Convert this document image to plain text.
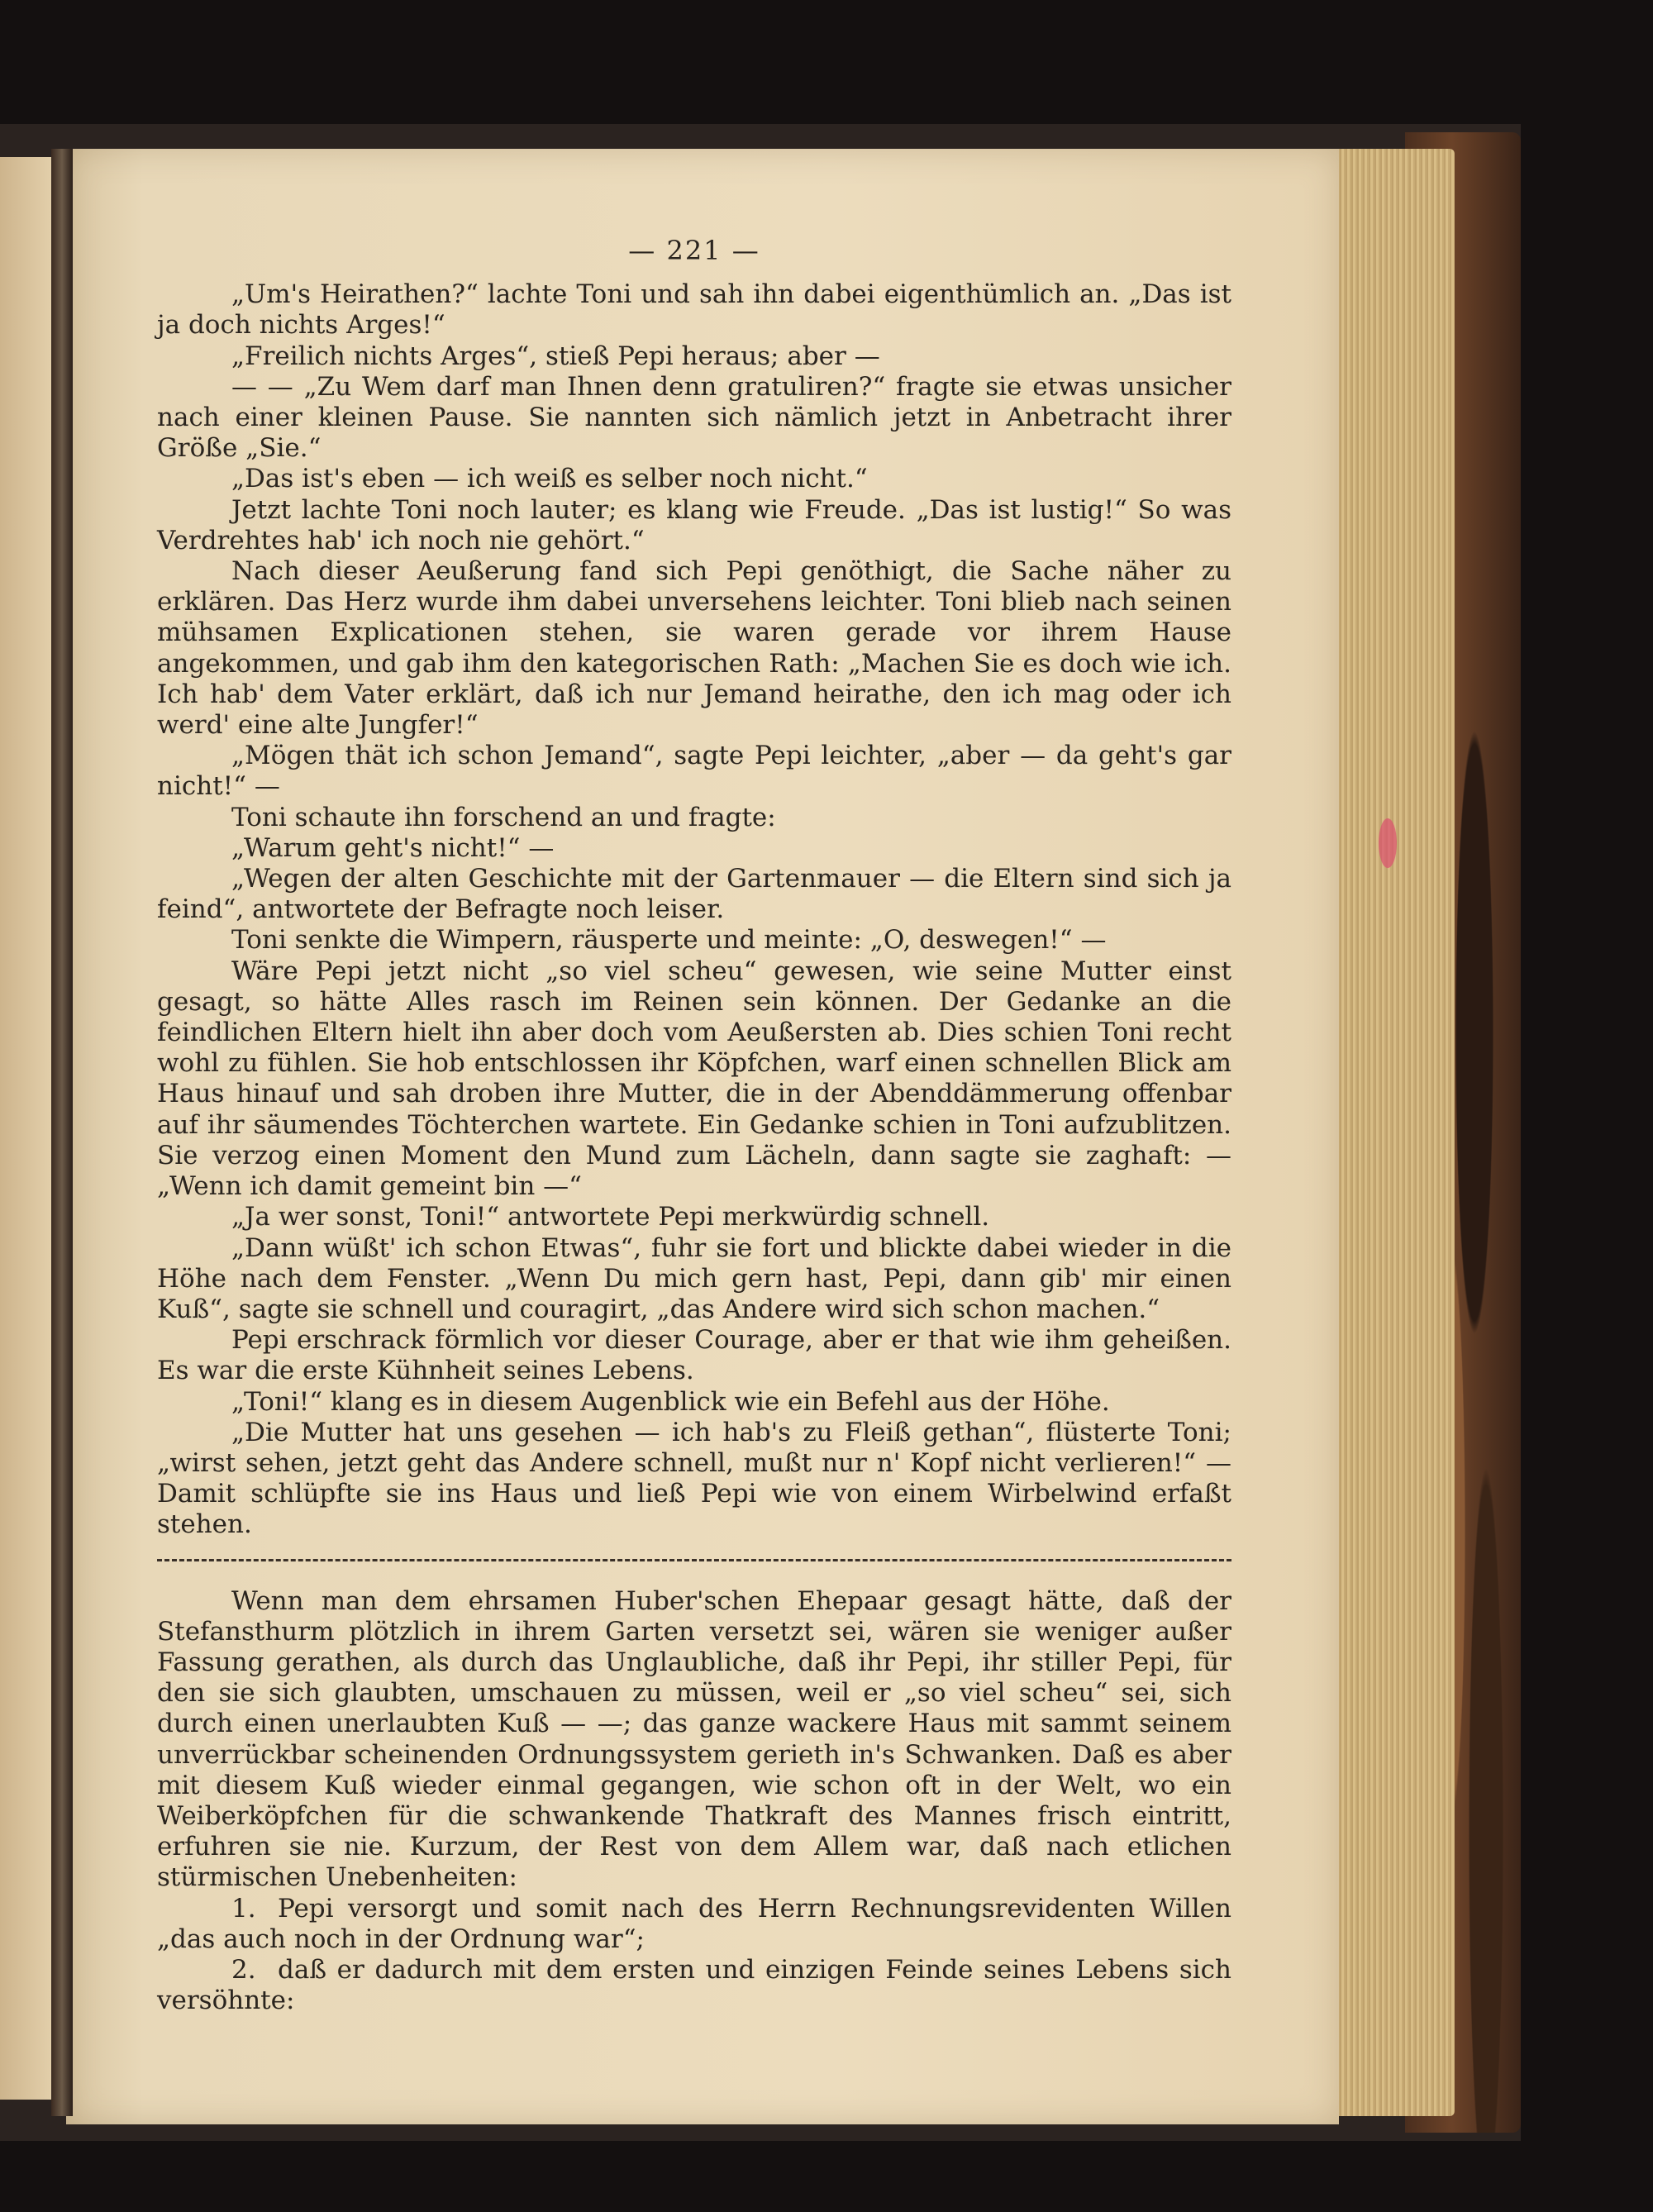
— 221 —

„Um's Heirathen?“ lachte Toni und sah ihn dabei eigenthümlich an. „Das ist ja doch nichts Arges!“

„Freilich nichts Arges“, stieß Pepi heraus; aber —

— — „Zu Wem darf man Ihnen denn gratuliren?“ fragte sie etwas unsicher nach einer kleinen Pause. Sie nannten sich nämlich jetzt in Anbetracht ihrer Größe „Sie.“

„Das ist's eben — ich weiß es selber noch nicht.“

Jetzt lachte Toni noch lauter; es klang wie Freude. „Das ist lustig!“ So was Verdrehtes hab' ich noch nie gehört.“

Nach dieser Aeußerung fand sich Pepi genöthigt, die Sache näher zu erklären. Das Herz wurde ihm dabei unversehens leichter. Toni blieb nach seinen mühsamen Explicationen stehen, sie waren gerade vor ihrem Hause angekommen, und gab ihm den kategorischen Rath: „Machen Sie es doch wie ich. Ich hab' dem Vater erklärt, daß ich nur Jemand heirathe, den ich mag oder ich werd' eine alte Jungfer!“

„Mögen thät ich schon Jemand“, sagte Pepi leichter, „aber — da geht's gar nicht!“ —

Toni schaute ihn forschend an und fragte:

„Warum geht's nicht!“ —

„Wegen der alten Geschichte mit der Gartenmauer — die Eltern sind sich ja feind“, antwortete der Befragte noch leiser.

Toni senkte die Wimpern, räusperte und meinte: „O, deswegen!“ —

Wäre Pepi jetzt nicht „so viel scheu“ gewesen, wie seine Mutter einst gesagt, so hätte Alles rasch im Reinen sein können. Der Gedanke an die feindlichen Eltern hielt ihn aber doch vom Aeußersten ab. Dies schien Toni recht wohl zu fühlen. Sie hob entschlossen ihr Köpfchen, warf einen schnellen Blick am Haus hinauf und sah droben ihre Mutter, die in der Abenddämmerung offenbar auf ihr säumendes Töchterchen wartete. Ein Gedanke schien in Toni aufzublitzen. Sie verzog einen Moment den Mund zum Lächeln, dann sagte sie zaghaft: — „Wenn ich damit gemeint bin —“

„Ja wer sonst, Toni!“ antwortete Pepi merkwürdig schnell.

„Dann wüßt' ich schon Etwas“, fuhr sie fort und blickte dabei wieder in die Höhe nach dem Fenster. „Wenn Du mich gern hast, Pepi, dann gib' mir einen Kuß“, sagte sie schnell und couragirt, „das Andere wird sich schon machen.“

Pepi erschrack förmlich vor dieser Courage, aber er that wie ihm geheißen. Es war die erste Kühnheit seines Lebens.

„Toni!“ klang es in diesem Augenblick wie ein Befehl aus der Höhe.

„Die Mutter hat uns gesehen — ich hab's zu Fleiß gethan“, flüsterte Toni; „wirst sehen, jetzt geht das Andere schnell, mußt nur n' Kopf nicht verlieren!“ — Damit schlüpfte sie ins Haus und ließ Pepi wie von einem Wirbelwind erfaßt stehen.

Wenn man dem ehrsamen Huber'schen Ehepaar gesagt hätte, daß der Stefansthurm plötzlich in ihrem Garten versetzt sei, wären sie weniger außer Fassung gerathen, als durch das Unglaubliche, daß ihr Pepi, ihr stiller Pepi, für den sie sich glaubten, umschauen zu müssen, weil er „so viel scheu“ sei, sich durch einen unerlaubten Kuß — —; das ganze wackere Haus mit sammt seinem unverrückbar scheinenden Ordnungssystem gerieth in's Schwanken. Daß es aber mit diesem Kuß wieder einmal gegangen, wie schon oft in der Welt, wo ein Weiberköpfchen für die schwankende Thatkraft des Mannes frisch eintritt, erfuhren sie nie. Kurzum, der Rest von dem Allem war, daß nach etlichen stürmischen Unebenheiten:

1. Pepi versorgt und somit nach des Herrn Rechnungsrevidenten Willen „das auch noch in der Ordnung war“;

2. daß er dadurch mit dem ersten und einzigen Feinde seines Lebens sich versöhnte:
